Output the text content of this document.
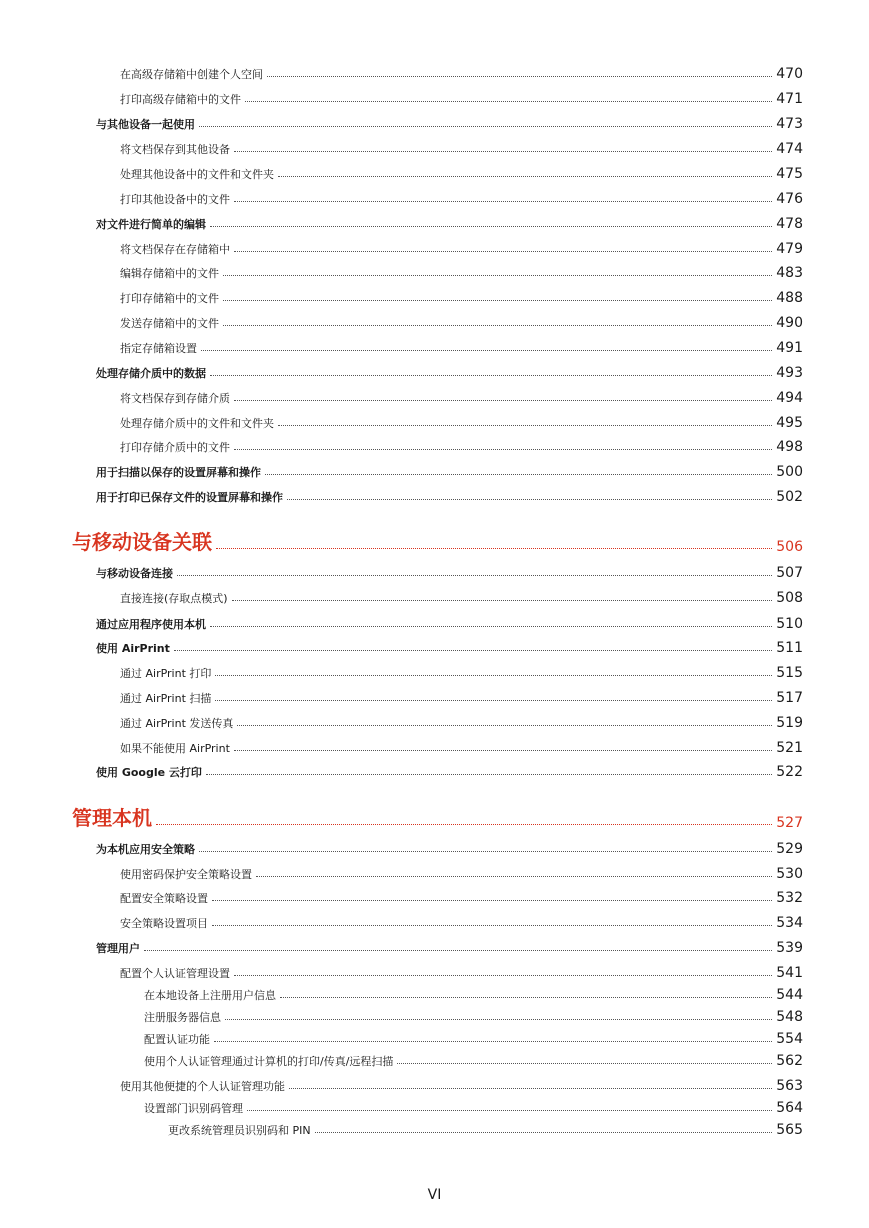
在高级存储箱中创建个人空间	470
打印高级存储箱中的文件	471
与其他设备一起使用	473
将文档保存到其他设备	474
处理其他设备中的文件和文件夹	475
打印其他设备中的文件	476
对文件进行简单的编辑	478
将文档保存在存储箱中	479
编辑存储箱中的文件	483
打印存储箱中的文件	488
发送存储箱中的文件	490
指定存储箱设置	491
处理存储介质中的数据	493
将文档保存到存储介质	494
处理存储介质中的文件和文件夹	495
打印存储介质中的文件	498
用于扫描以保存的设置屏幕和操作	500
用于打印已保存文件的设置屏幕和操作	502
与移动设备关联	506
与移动设备连接	507
直接连接(存取点模式)	508
通过应用程序使用本机	510
使用 AirPrint	511
通过 AirPrint 打印	515
通过 AirPrint 扫描	517
通过 AirPrint 发送传真	519
如果不能使用 AirPrint	521
使用 Google 云打印	522
管理本机	527
为本机应用安全策略	529
使用密码保护安全策略设置	530
配置安全策略设置	532
安全策略设置项目	534
管理用户	539
配置个人认证管理设置	541
在本地设备上注册用户信息	544
注册服务器信息	548
配置认证功能	554
使用个人认证管理通过计算机的打印/传真/远程扫描	562
使用其他便捷的个人认证管理功能	563
设置部门识别码管理	564
更改系统管理员识别码和 PIN	565
VI
